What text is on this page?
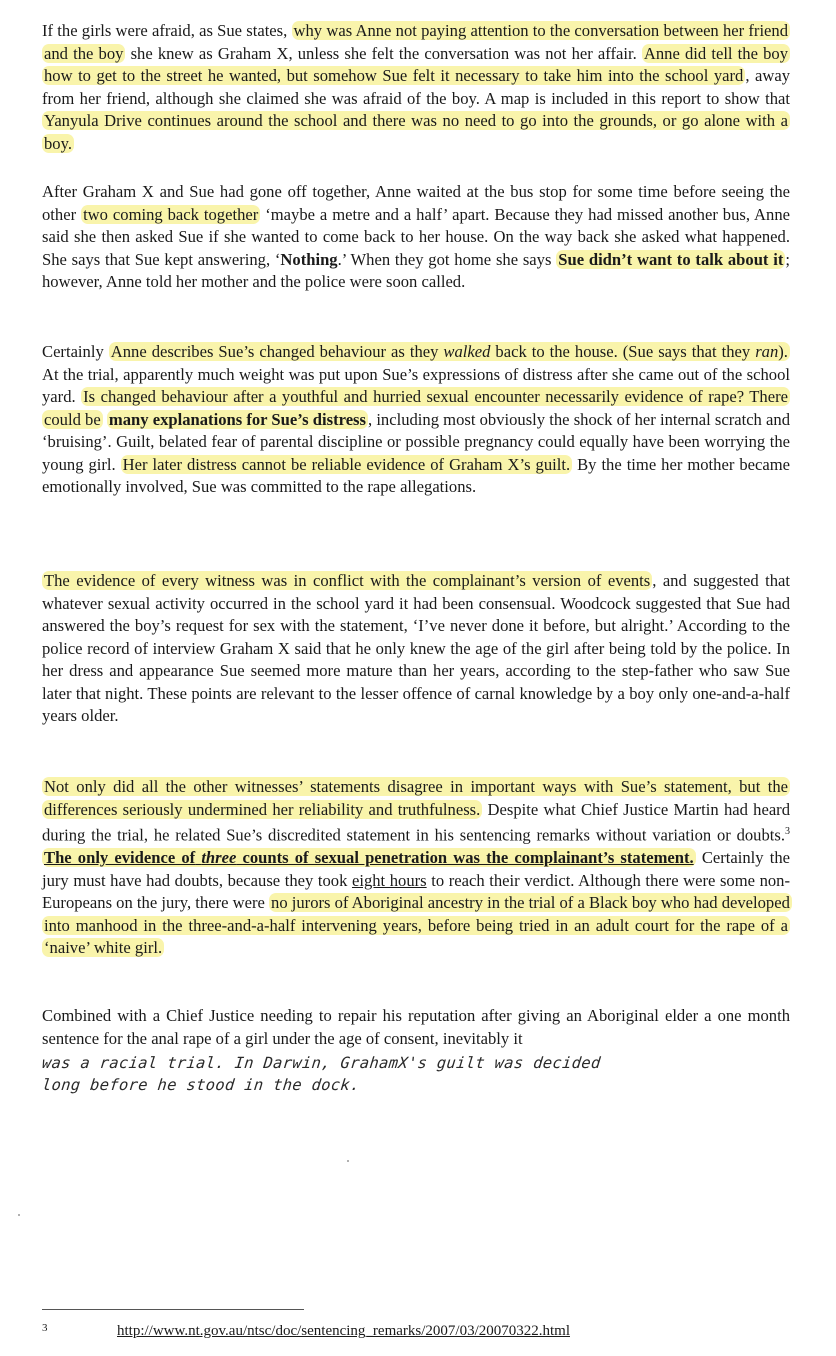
If the girls were afraid, as Sue states, why was Anne not paying attention to the conversation between her friend and the boy she knew as Graham X, unless she felt the conversation was not her affair. Anne did tell the boy how to get to the street he wanted, but somehow Sue felt it necessary to take him into the school yard , away from her friend, although she claimed she was afraid of the boy. A map is included in this report to show that Yanyula Drive continues around the school and there was no need to go into the grounds, or go alone with a boy.

After Graham X and Sue had gone off together, Anne waited at the bus stop for some time before seeing the other two coming back together ‘maybe a metre and a half’ apart. Because they had missed another bus, Anne said she then asked Sue if she wanted to come back to her house. On the way back she asked what happened. She says that Sue kept answering, ‘Nothing.’ When they got home she says Sue didn’t want to talk about it ; however, Anne told her mother and the police were soon called.

Certainly Anne describes Sue’s changed behaviour as they walked back to the house. (Sue says that they ran). At the trial, apparently much weight was put upon Sue’s expressions of distress after she came out of the school yard. Is changed behaviour after a youthful and hurried sexual encounter necessarily evidence of rape? There could be many explanations for Sue’s distress , including most obviously the shock of her internal scratch and ‘bruising’. Guilt, belated fear of parental discipline or possible pregnancy could equally have been worrying the young girl. Her later distress cannot be reliable evidence of Graham X’s guilt. By the time her mother became emotionally involved, Sue was committed to the rape allegations.

The evidence of every witness was in conflict with the complainant’s version of events , and suggested that whatever sexual activity occurred in the school yard it had been consensual. Woodcock suggested that Sue had answered the boy’s request for sex with the statement, ‘I’ve never done it before, but alright.’ According to the police record of interview Graham X said that he only knew the age of the girl after being told by the police. In her dress and appearance Sue seemed more mature than her years, according to the step-father who saw Sue later that night. These points are relevant to the lesser offence of carnal knowledge by a boy only one-and-a-half years older.

Not only did all the other witnesses’ statements disagree in important ways with Sue’s statement, but the differences seriously undermined her reliability and truthfulness. Despite what Chief Justice Martin had heard during the trial, he related Sue’s discredited statement in his sentencing remarks without variation or doubts.$^3$ The only evidence of three counts of sexual penetration was the complainant’s statement. Certainly the jury must have had doubts, because they took eight hours to reach their verdict. Although there were some non-Europeans on the jury, there were no jurors of Aboriginal ancestry in the trial of a Black boy who had developed into manhood in the three-and-a-half intervening years, before being tried in an adult court for the rape of a ‘naive’ white girl.

Combined with a Chief Justice needing to repair his reputation after giving an Aboriginal elder a one month sentence for the anal rape of a girl under the age of consent, inevitably it

was a racial trial. In Darwin, GrahamX's guilt was decided
long before he stood in the dock.
3	http://www.nt.gov.au/ntsc/doc/sentencing_remarks/2007/03/20070322.html
